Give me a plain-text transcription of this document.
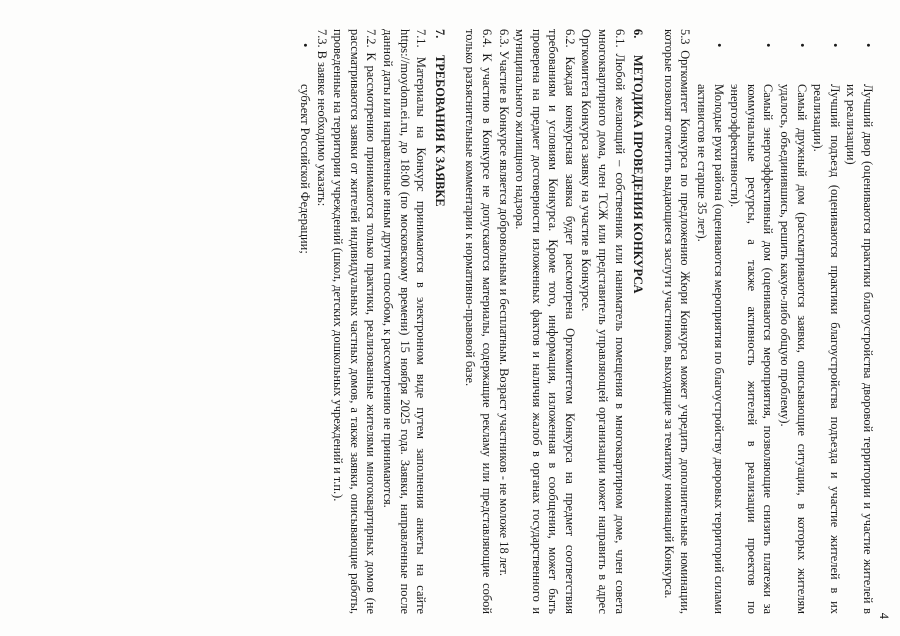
4
•
Лучший двор (оцениваются практики благоустройства дворовой территории и участие жителей в их реализации)
•
Лучший подъезд (оцениваются практики благоустройства подъезда и участие жителей в их реализации).
•
Самый дружный дом (рассматриваются заявки, описывающие ситуации, в которых жителям удалось, объединившись, решить какую-либо общую проблему).
•
Самый энергоэффективный дом (оцениваются мероприятия, позволяющие снизить платежи за коммунальные ресурсы, а также активность жителей в реализации проектов по энергоэффективности).
•
Молодые руки района (оцениваются мероприятия по благоустройству дворовых территорий силами активистов не старше 35 лет).

5.3 Оргкомитет Конкурса по предложению Жюри Конкурса может учредить дополнительные номинации, которые позволят отметить выдающиеся заслуги участников, выходящие за тематику номинаций Конкурса.

6.МЕТОДИКА ПРОВЕДЕНИЯ КОНКУРСА

6.1. Любой желающий – собственник или наниматель помещения в многоквартирном доме, член совета многоквартирного дома, член ТСЖ или представитель управляющей организации может направить в адрес Оргкомитета Конкурса заявку на участие в Конкурсе.

6.2. Каждая конкурсная заявка будет рассмотрена Оргкомитетом Конкурса на предмет соответствия требованиям и условиям Конкурса. Кроме того, информация, изложенная в сообщении, может быть проверена на предмет достоверности изложенных фактов и наличия жалоб в органах государственного и муниципального жилищного надзора.

6.3. Участие в Конкурсе является добровольным и бесплатным. Возраст участников - не моложе 18 лет.

6.4. К участию в Конкурсе не допускаются материалы, содержащие рекламу или представляющие собой только разъяснительные комментарии к нормативно-правовой базе.

7.ТРЕБОВАНИЯ К ЗАЯВКЕ

7.1. Материалы на Конкурс принимаются в электронном виде путем заполнения анкеты на сайте https://moydom.ei.ru, до 18:00 (по московскому времени) 15 ноября 2025 года. Заявки, направленные после данной даты или направленные иным другим способом, к рассмотрению не принимаются.

7.2. К рассмотрению принимаются только практики, реализованные жителями многоквартирных домов (не рассматриваются заявки от жителей индивидуальных частных домов, а также заявки, описывающие работы, проведенные на территории учреждений (школ, детских дошкольных учреждений и т.п.).

7.3. В заявке необходимо указать:

•
субъект Российской Федерации;
